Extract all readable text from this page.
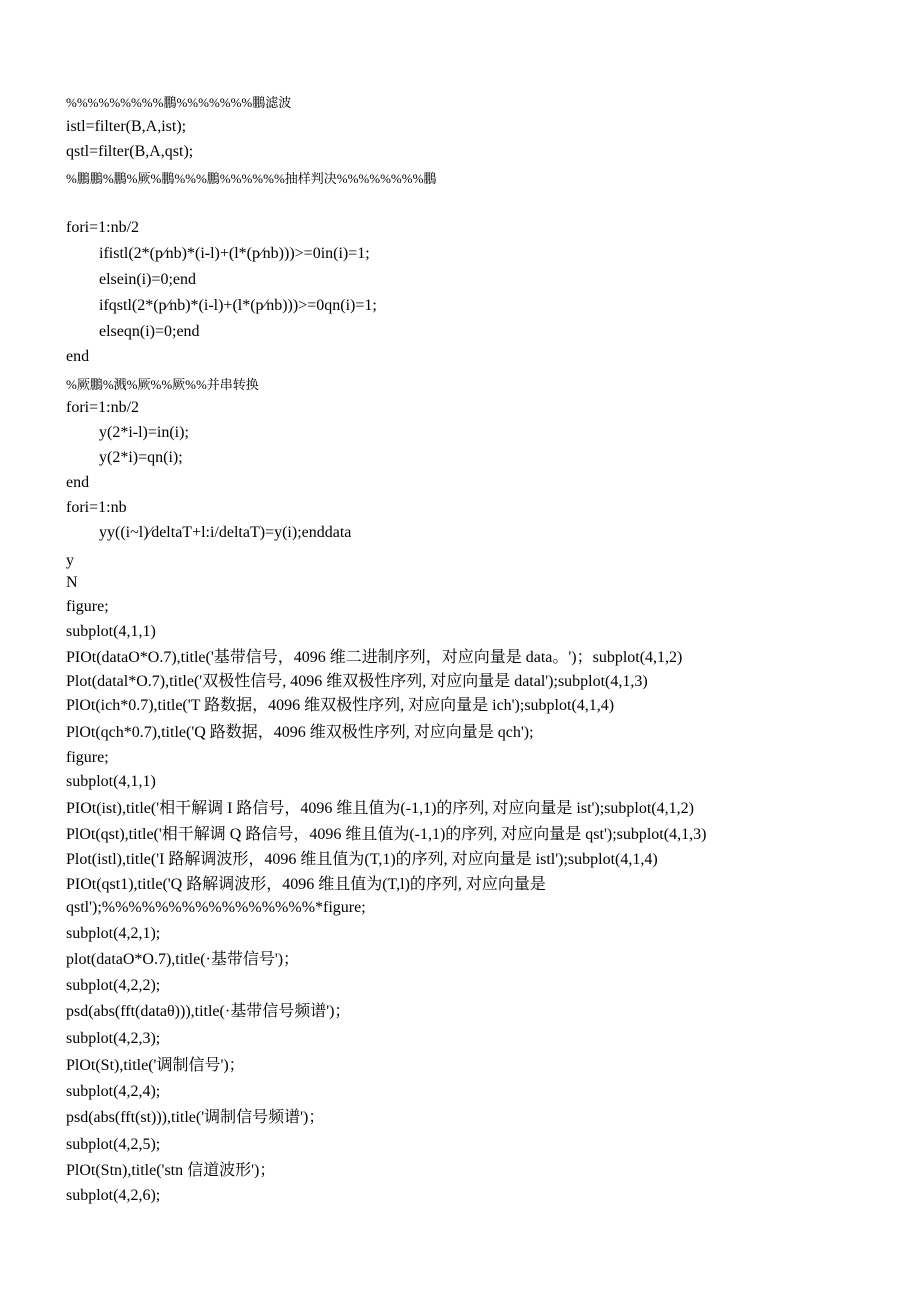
%%%%%%%%%鵬%%%%%%%鵬滤波
istl=filter(B,A,ist);
qstl=filter(B,A,qst);
%鵬鵬%鵬%厥%鵬%%%鵬%%%%%%抽样判决%%%%%%%%鵬
fori=1:nb/2
ifistl(2*(p⁄nb)*(i-l)+(l*(p⁄nb)))>=0in(i)=1;
elsein(i)=0;end
ifqstl(2*(p⁄nb)*(i-l)+(l*(p⁄nb)))>=0qn(i)=1;
elseqn(i)=0;end
end
%厥鵬%溅%厥%%厥%%并串转换
fori=1:nb/2
y(2*i-l)=in(i);
y(2*i)=qn(i);
end
fori=1:nb
yy((i~l)⁄deltaT+l:i/deltaT)=y(i);enddata
y
N
figure;
subplot(4,1,1)
PIOt(dataO*O.7),title('基带信号，4096 维二进制序列，对应向量是 data。')；subplot(4,1,2)
Plot(datal*O.7),title('双极性信号, 4096 维双极性序列, 对应向量是 datal');subplot(4,1,3)
PlOt(ich*0.7),title('T 路数据，4096 维双极性序列, 对应向量是 ich');subplot(4,1,4)
PlOt(qch*0.7),title('Q 路数据，4096 维双极性序列, 对应向量是 qch');
figure;
subplot(4,1,1)
PIOt(ist),title('相干解调 I 路信号，4096 维且值为(-1,1)的序列, 对应向量是 ist');subplot(4,1,2)
PlOt(qst),title('相干解调 Q 路信号，4096 维且值为(-1,1)的序列, 对应向量是 qst');subplot(4,1,3)
Plot(istl),title('I 路解调波形，4096 维且值为(T,1)的序列, 对应向量是 istl');subplot(4,1,4)
PIOt(qst1),title('Q 路解调波形，4096 维且值为(T,l)的序列, 对应向量是
qstl');%%%%%%%%%%%%%%%%*figure;
subplot(4,2,1);
plot(dataO*O.7),title(·基带信号')；
subplot(4,2,2);
psd(abs(fft(dataθ))),title(·基带信号频谱')；
subplot(4,2,3);
PlOt(St),title('调制信号')；
subplot(4,2,4);
psd(abs(fft(st))),title('调制信号频谱')；
subplot(4,2,5);
PlOt(Stn),title('stn 信道波形')；
subplot(4,2,6);
